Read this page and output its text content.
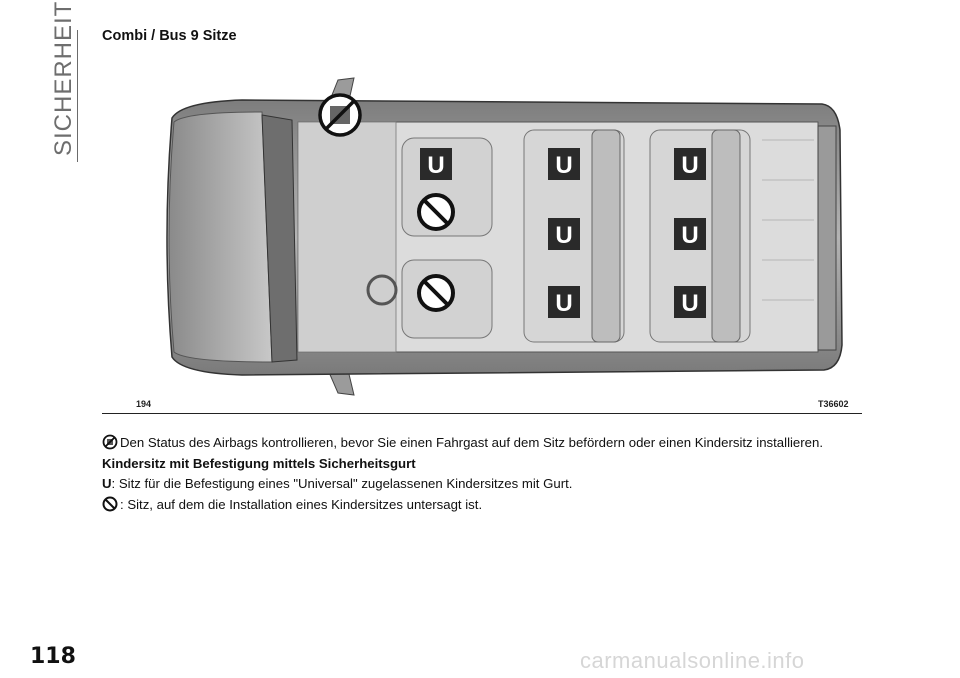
SICHERHEIT Combi / Bus 9 Sitze
U	U
U
U
U
U
U
194	T36602
Den Status des Airbags kontrollieren, bevor Sie einen Fahrgast auf dem Sitz befördern oder einen Kindersitz installieren.
Kindersitz mit Befestigung mittels Sicherheitsgurt
U: Sitz für die Befestigung eines "Universal" zugelassenen Kindersitzes mit Gurt.
: Sitz, auf dem die Installation eines Kindersitzes untersagt ist.
118	carmanualsonline.info
